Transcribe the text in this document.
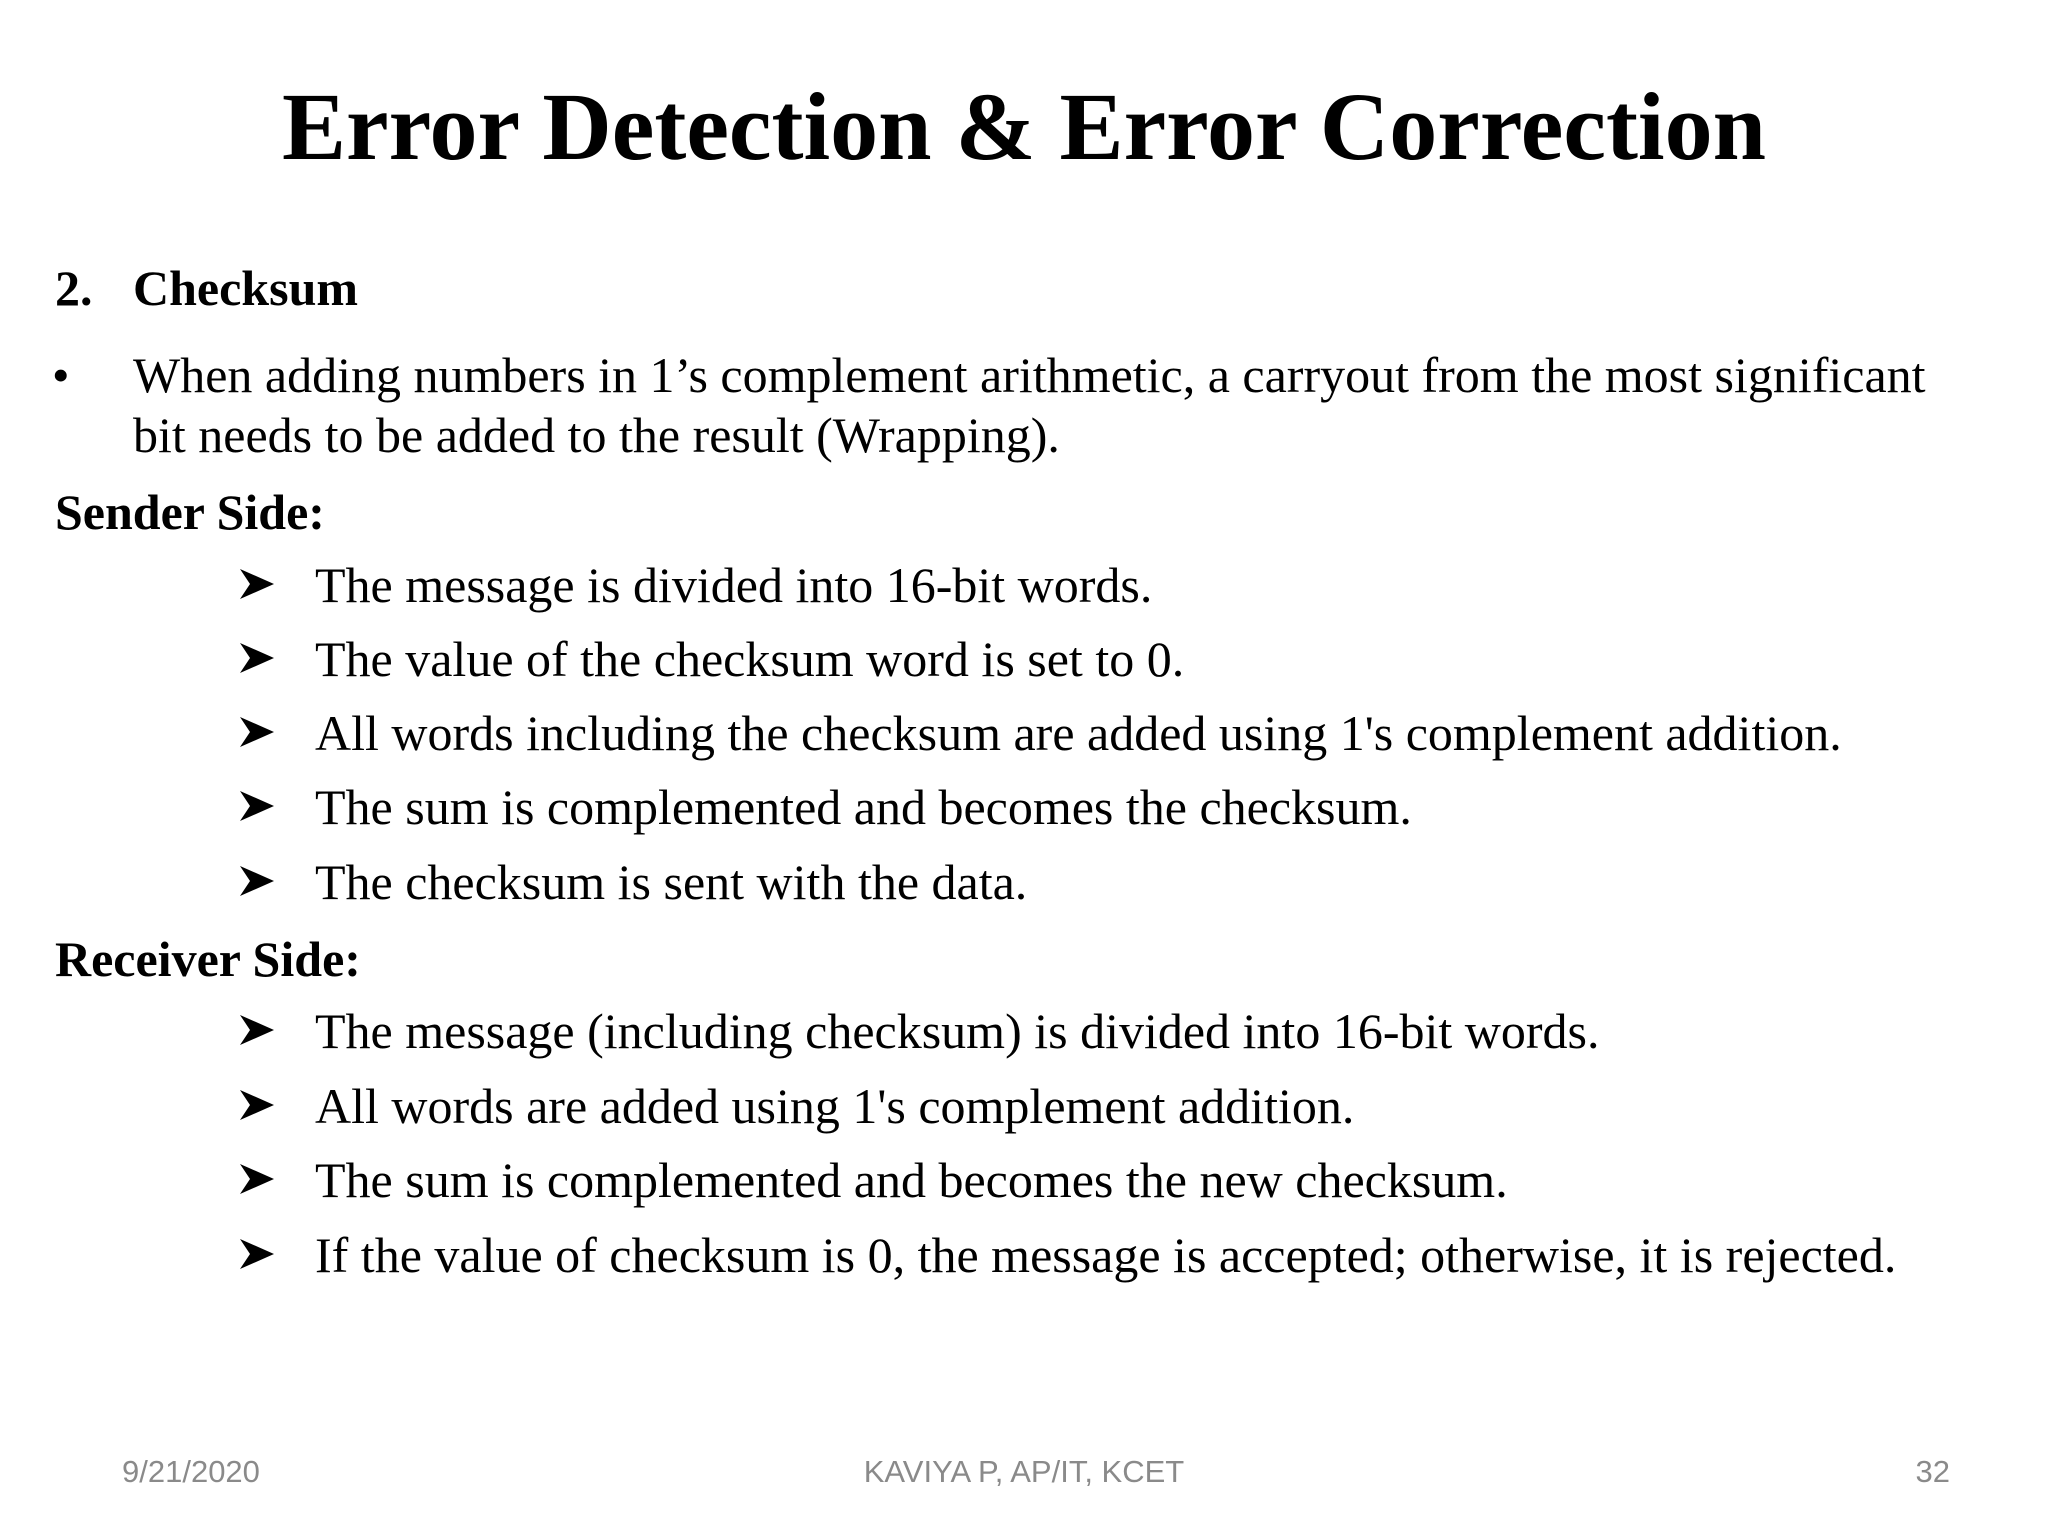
Error Detection & Error Correction
2. Checksum
• When adding numbers in 1’s complement arithmetic, a carryout from the most significant
bit needs to be added to the result (Wrapping).
Sender Side:
The message is divided into 16-bit words.
The value of the checksum word is set to 0.
All words including the checksum are added using 1's complement addition.
The sum is complemented and becomes the checksum.
The checksum is sent with the data.
Receiver Side:
The message (including checksum) is divided into 16-bit words.
All words are added using 1's complement addition.
The sum is complemented and becomes the new checksum.
If the value of checksum is 0, the message is accepted; otherwise, it is rejected.
9/21/2020	KAVIYA P, AP/IT, KCET	32
